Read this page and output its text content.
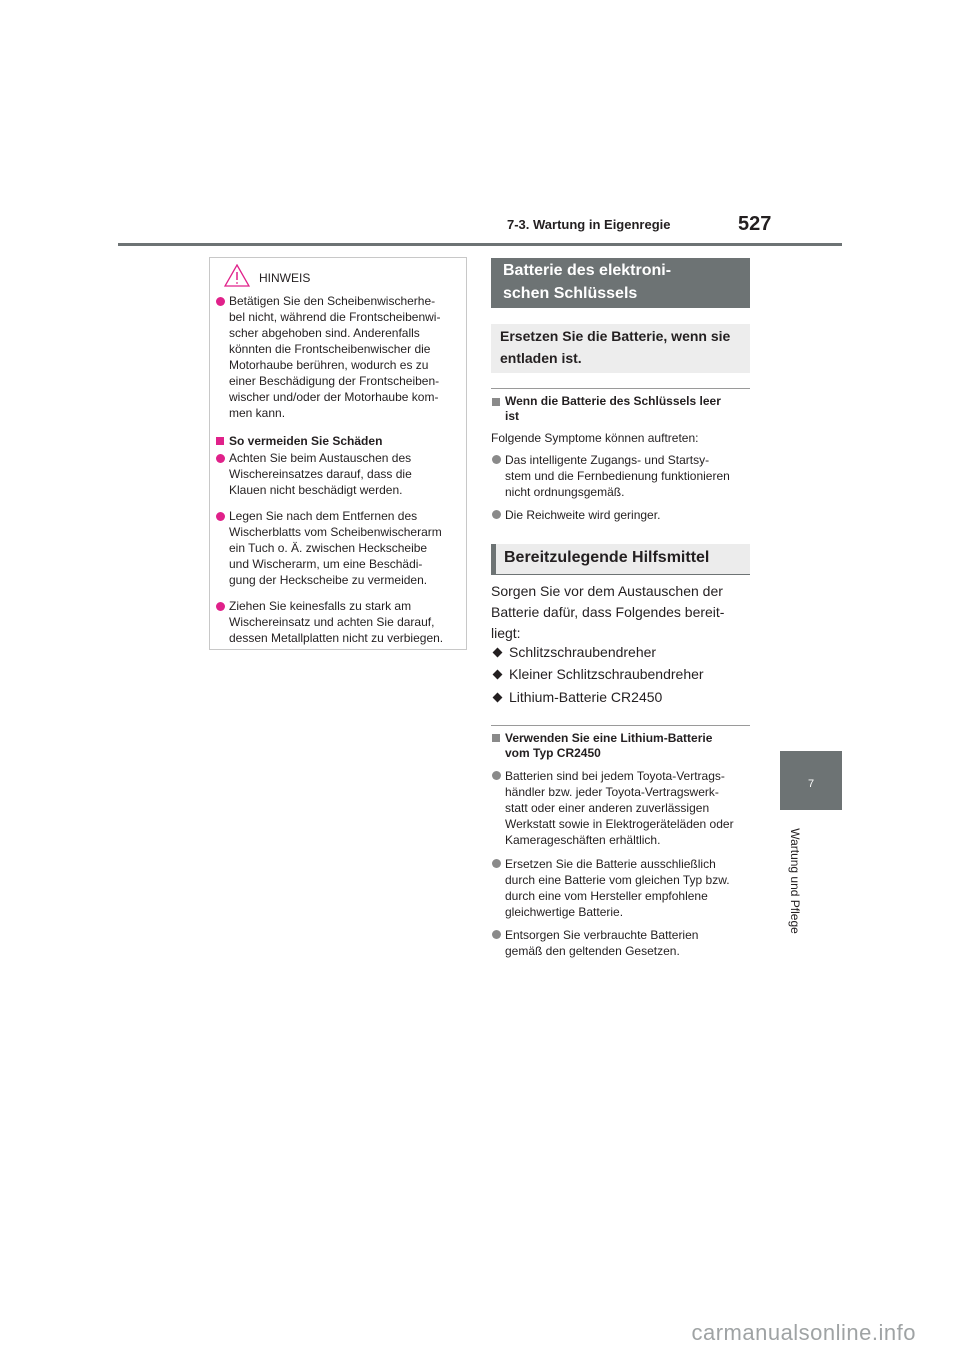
7-3. Wartung in Eigenregie	527
7
Wartung und Pflege
HINWEIS
Betätigen Sie den Scheibenwischerhe-
bel nicht, während die Frontscheibenwi-
scher abgehoben sind. Anderenfalls
könnten die Frontscheibenwischer die
Motorhaube berühren, wodurch es zu
einer Beschädigung der Frontscheiben-
wischer und/oder der Motorhaube kom-
men kann.
So vermeiden Sie Schäden
Achten Sie beim Austauschen des
Wischereinsatzes darauf, dass die
Klauen nicht beschädigt werden.
Legen Sie nach dem Entfernen des
Wischerblatts vom Scheibenwischerarm
ein Tuch o. Ä. zwischen Heckscheibe
und Wischerarm, um eine Beschädi-
gung der Heckscheibe zu vermeiden.
Ziehen Sie keinesfalls zu stark am
Wischereinsatz und achten Sie darauf,
dessen Metallplatten nicht zu verbiegen.
Batterie des elektroni-
schen Schlüssels
Ersetzen Sie die Batterie, wenn sie
entladen ist.
Wenn die Batterie des Schlüssels leer
ist
Folgende Symptome können auftreten:
Das intelligente Zugangs- und Startsy-
stem und die Fernbedienung funktionieren
nicht ordnungsgemäß.
Die Reichweite wird geringer.
Bereitzulegende Hilfsmittel
Sorgen Sie vor dem Austauschen der
Batterie dafür, dass Folgendes bereit-
liegt:
Schlitzschraubendreher
Kleiner Schlitzschraubendreher
Lithium-Batterie CR2450
Verwenden Sie eine Lithium-Batterie
vom Typ CR2450
Batterien sind bei jedem Toyota-Vertrags-
händler bzw. jeder Toyota-Vertragswerk-
statt oder einer anderen zuverlässigen
Werkstatt sowie in Elektrogeräteläden oder
Kamerageschäften erhältlich.
Ersetzen Sie die Batterie ausschließlich
durch eine Batterie vom gleichen Typ bzw.
durch eine vom Hersteller empfohlene
gleichwertige Batterie.
Entsorgen Sie verbrauchte Batterien
gemäß den geltenden Gesetzen.
carmanualsonline.info
